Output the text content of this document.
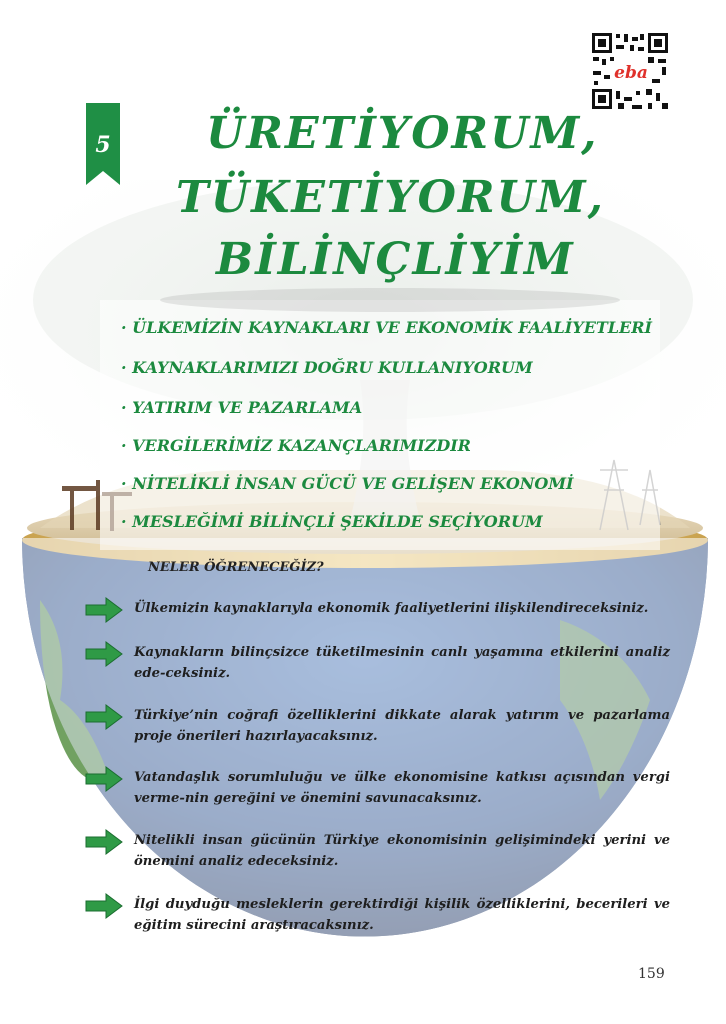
5
eba
ÜRETİYORUM,
TÜKETİYORUM,
BİLİNÇLİYİM
· ÜLKEMİZİN KAYNAKLARI VE EKONOMİK FAALİYETLERİ
· KAYNAKLARIMIZI DOĞRU KULLANIYORUM
· YATIRIM VE PAZARLAMA
· VERGİLERİMİZ KAZANÇLARIMIZDIR
· NİTELİKLİ İNSAN GÜCÜ VE GELİŞEN EKONOMİ
· MESLEĞİMİ BİLİNÇLİ ŞEKİLDE SEÇİYORUM
NELER ÖĞRENECEĞİZ?
Ülkemizin kaynaklarıyla ekonomik faaliyetlerini ilişkilendireceksiniz.
Kaynakların bilinçsizce tüketilmesinin canlı yaşamına etkilerini analiz ede-ceksiniz.
Türkiye’nin coğrafi özelliklerini dikkate alarak yatırım ve pazarlama proje önerileri hazırlayacaksınız.
Vatandaşlık sorumluluğu ve ülke ekonomisine katkısı açısından vergi verme-nin gereğini ve önemini savunacaksınız.
Nitelikli insan gücünün Türkiye ekonomisinin gelişimindeki yerini ve önemini analiz edeceksiniz.
İlgi duyduğu mesleklerin gerektirdiği kişilik özelliklerini, becerileri ve eğitim sürecini araştıracaksınız.
159
